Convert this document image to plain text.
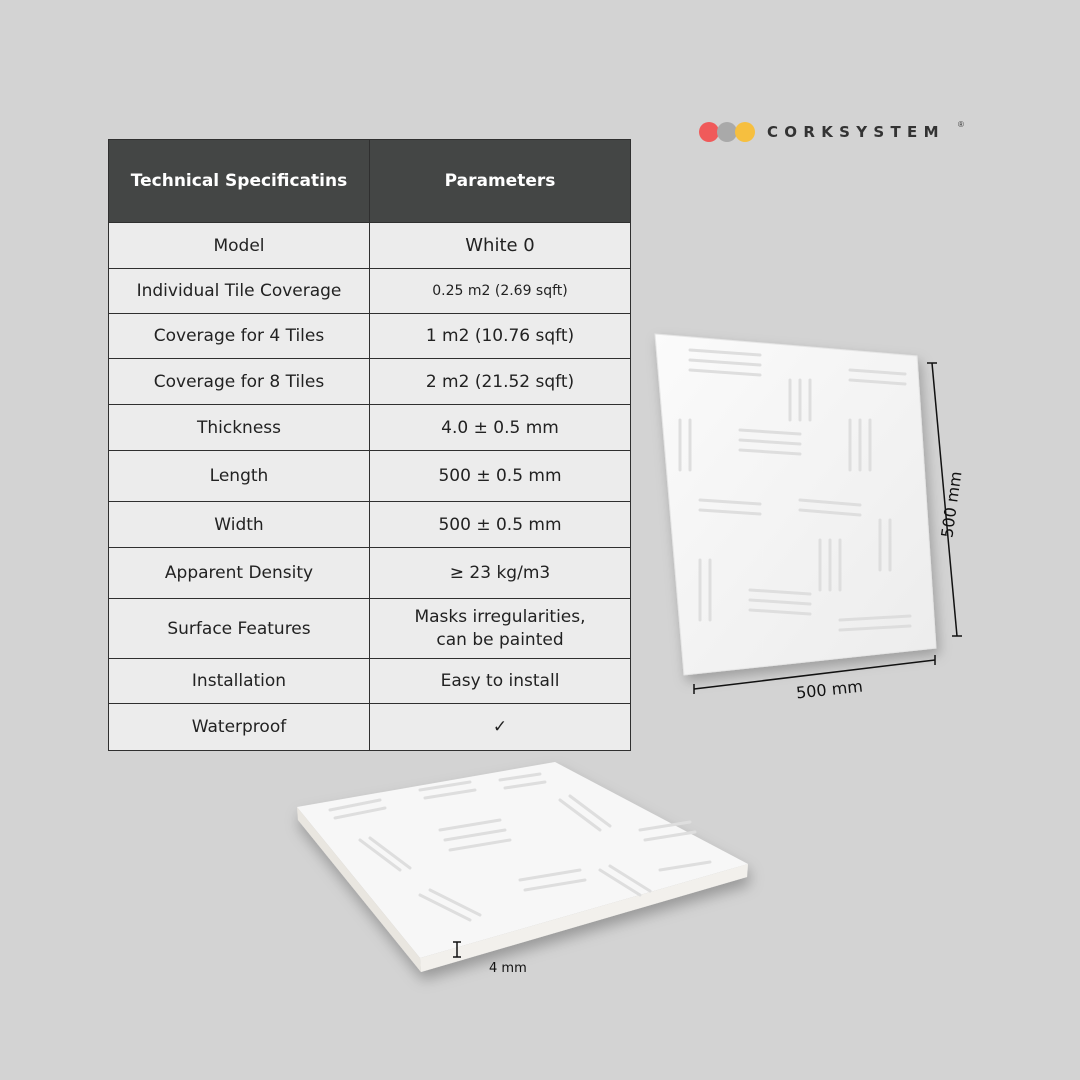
CORKSYSTEM ®
Technical Specificatins	Parameters
Model	White 0
Individual Tile Coverage	0.25 m2 (2.69 sqft)
Coverage for 4 Tiles	1 m2 (10.76 sqft)
Coverage for 8 Tiles	2 m2 (21.52 sqft)
Thickness	4.0 ± 0.5 mm
Length	500 ± 0.5 mm
Width	500 ± 0.5 mm
Apparent Density	≥ 23 kg/m3
Surface Features	Masks irregularities,
can be painted
Installation	Easy to install
Waterproof	✓
500 mm
500 mm
4 mm
